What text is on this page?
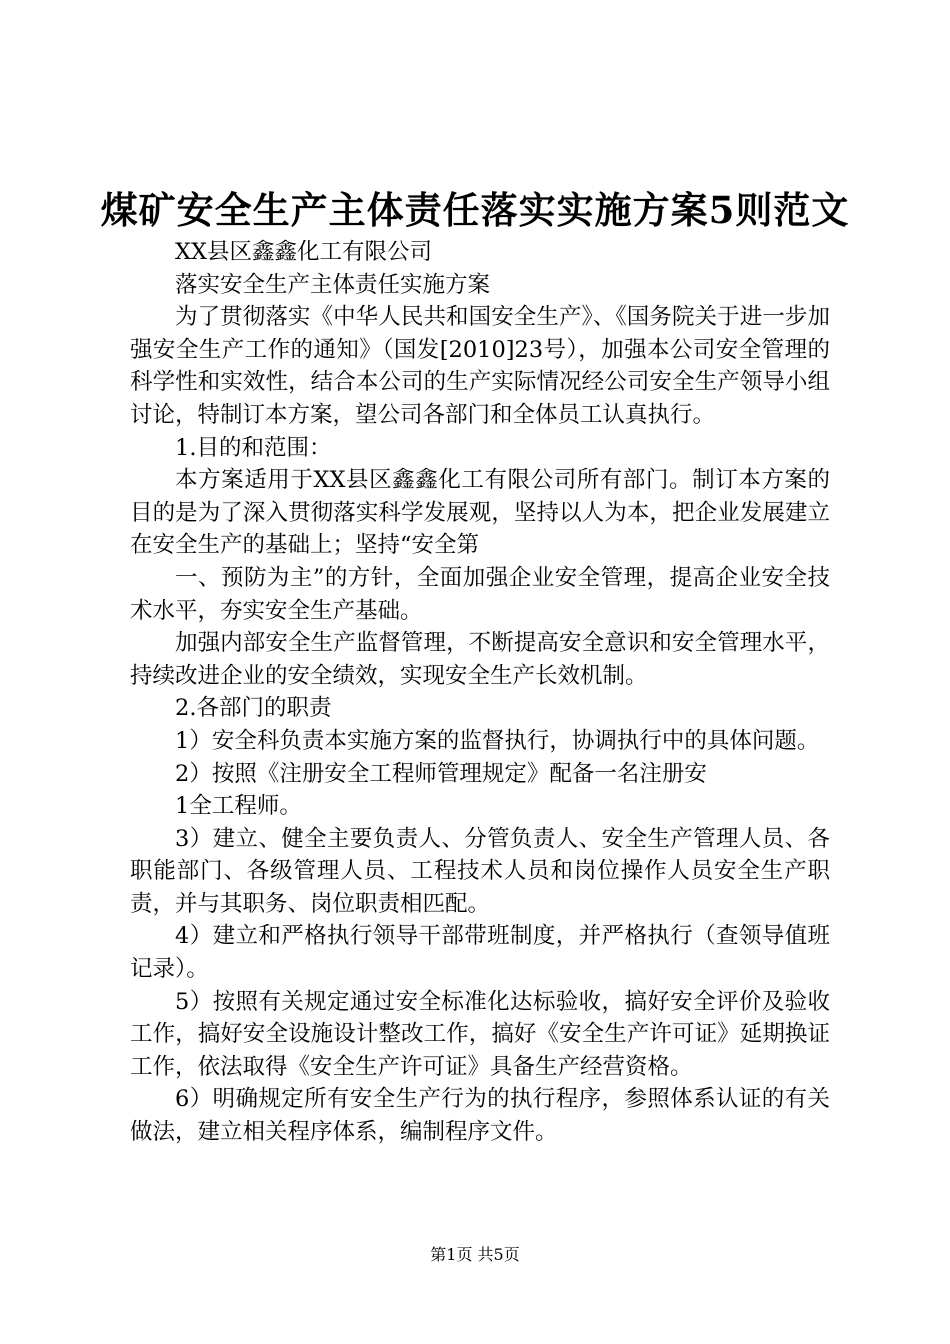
煤矿安全生产主体责任落实实施方案5则范文

XX县区鑫鑫化工有限公司

落实安全生产主体责任实施方案

为了贯彻落实《中华人民共和国安全生产》、《国务院关于进一步加强安全生产工作的通知》（国发[2010]23号），加强本公司安全管理的科学性和实效性，结合本公司的生产实际情况经公司安全生产领导小组讨论，特制订本方案，望公司各部门和全体员工认真执行。

1.目的和范围：

本方案适用于XX县区鑫鑫化工有限公司所有部门。制订本方案的目的是为了深入贯彻落实科学发展观，坚持以人为本，把企业发展建立在安全生产的基础上；坚持“安全第

一、预防为主”的方针，全面加强企业安全管理，提高企业安全技术水平，夯实安全生产基础。

加强内部安全生产监督管理，不断提高安全意识和安全管理水平，持续改进企业的安全绩效，实现安全生产长效机制。

2.各部门的职责

1）安全科负责本实施方案的监督执行，协调执行中的具体问题。

2）按照《注册安全工程师管理规定》配备一名注册安

1全工程师。

3）建立、健全主要负责人、分管负责人、安全生产管理人员、各职能部门、各级管理人员、工程技术人员和岗位操作人员安全生产职责，并与其职务、岗位职责相匹配。

4）建立和严格执行领导干部带班制度，并严格执行（查领导值班记录）。

5）按照有关规定通过安全标准化达标验收，搞好安全评价及验收工作，搞好安全设施设计整改工作，搞好《安全生产许可证》延期换证工作，依法取得《安全生产许可证》具备生产经营资格。

6）明确规定所有安全生产行为的执行程序，参照体系认证的有关做法，建立相关程序体系，编制程序文件。

第1页 共5页
